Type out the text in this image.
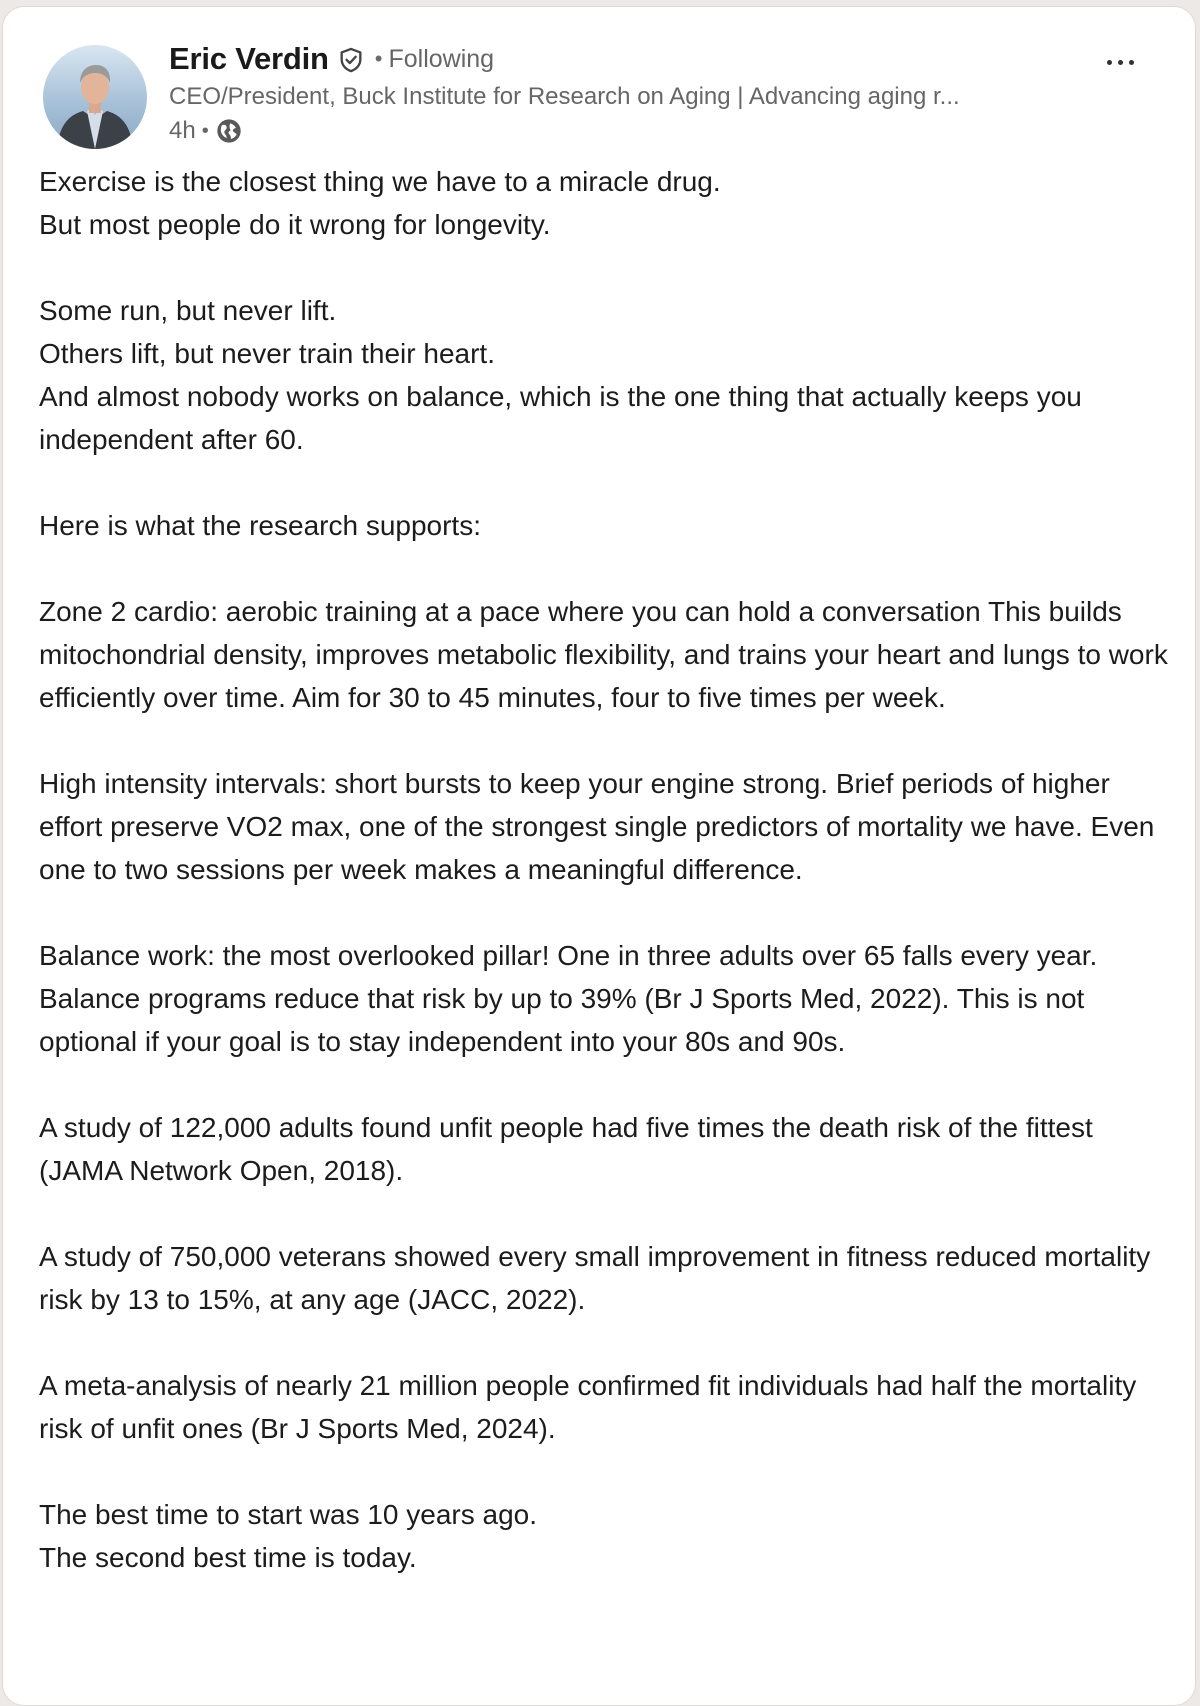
Eric Verdin • Following
CEO/President, Buck Institute for Research on Aging | Advancing aging r...
4h •

Exercise is the closest thing we have to a miracle drug.
But most people do it wrong for longevity.

Some run, but never lift.
Others lift, but never train their heart.
And almost nobody works on balance, which is the one thing that actually keeps you independent after 60.

Here is what the research supports:

Zone 2 cardio: aerobic training at a pace where you can hold a conversation This builds mitochondrial density, improves metabolic flexibility, and trains your heart and lungs to work efficiently over time. Aim for 30 to 45 minutes, four to five times per week.

High intensity intervals: short bursts to keep your engine strong. Brief periods of higher effort preserve VO2 max, one of the strongest single predictors of mortality we have. Even one to two sessions per week makes a meaningful difference.

Balance work: the most overlooked pillar! One in three adults over 65 falls every year. Balance programs reduce that risk by up to 39% (Br J Sports Med, 2022). This is not optional if your goal is to stay independent into your 80s and 90s.

A study of 122,000 adults found unfit people had five times the death risk of the fittest (JAMA Network Open, 2018).

A study of 750,000 veterans showed every small improvement in fitness reduced mortality risk by 13 to 15%, at any age (JACC, 2022).

A meta-analysis of nearly 21 million people confirmed fit individuals had half the mortality risk of unfit ones (Br J Sports Med, 2024).

The best time to start was 10 years ago.
The second best time is today.
